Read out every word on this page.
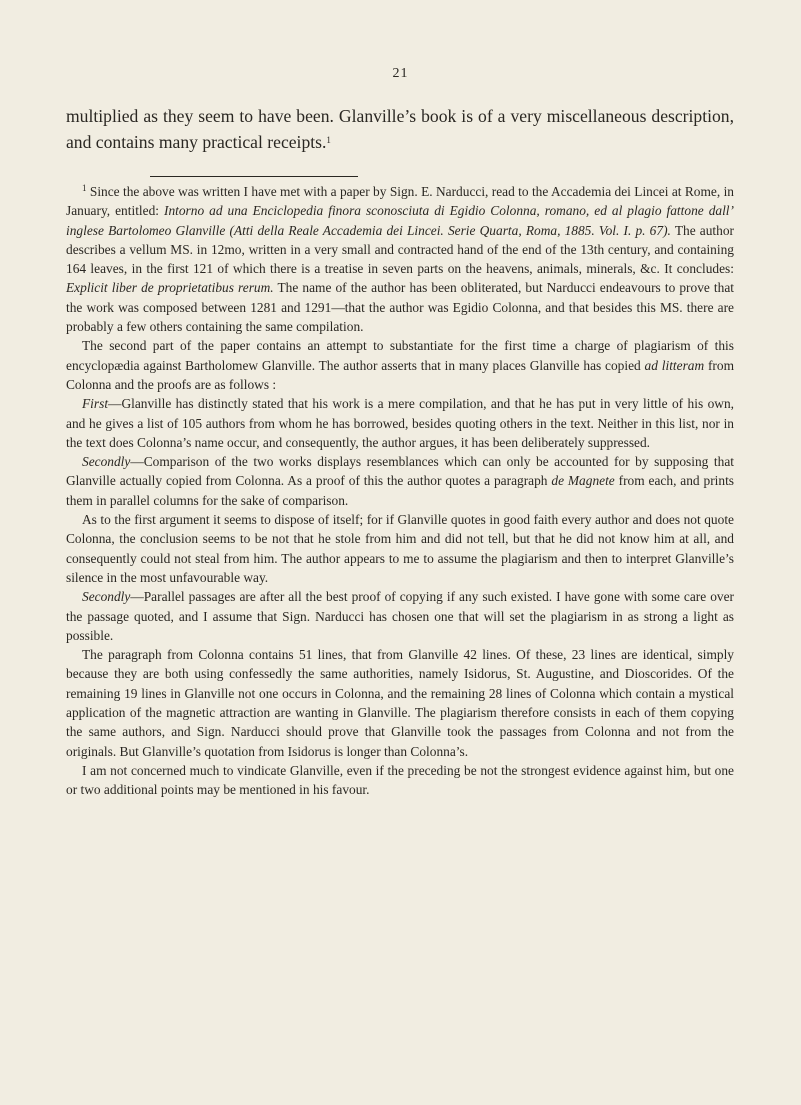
21

multiplied as they seem to have been. Glanville’s book is of a very miscellaneous description, and contains many practical receipts.$^1$

$^1$ Since the above was written I have met with a paper by Sign. E. Narducci, read to the Accademia dei Lincei at Rome, in January, entitled: Intorno ad una Enciclopedia finora sconosciuta di Egidio Colonna, romano, ed al plagio fattone dall’ inglese Bartolomeo Glanville (Atti della Reale Accademia dei Lincei. Serie Quarta, Roma, 1885. Vol. I. p. 67). The author describes a vellum MS. in 12mo, written in a very small and contracted hand of the end of the 13th century, and containing 164 leaves, in the first 121 of which there is a treatise in seven parts on the heavens, animals, minerals, &c. It concludes: Explicit liber de proprietatibus rerum. The name of the author has been obliterated, but Narducci endeavours to prove that the work was composed between 1281 and 1291—that the author was Egidio Colonna, and that besides this MS. there are probably a few others containing the same compilation.

The second part of the paper contains an attempt to substantiate for the first time a charge of plagiarism of this encyclopædia against Bartholomew Glanville. The author asserts that in many places Glanville has copied ad litteram from Colonna and the proofs are as follows :

First—Glanville has distinctly stated that his work is a mere compilation, and that he has put in very little of his own, and he gives a list of 105 authors from whom he has borrowed, besides quoting others in the text. Neither in this list, nor in the text does Colonna’s name occur, and consequently, the author argues, it has been deliberately suppressed.

Secondly—Comparison of the two works displays resemblances which can only be accounted for by supposing that Glanville actually copied from Colonna. As a proof of this the author quotes a paragraph de Magnete from each, and prints them in parallel columns for the sake of comparison.

As to the first argument it seems to dispose of itself; for if Glanville quotes in good faith every author and does not quote Colonna, the conclusion seems to be not that he stole from him and did not tell, but that he did not know him at all, and consequently could not steal from him. The author appears to me to assume the plagiarism and then to interpret Glanville’s silence in the most unfavourable way.

Secondly—Parallel passages are after all the best proof of copying if any such existed. I have gone with some care over the passage quoted, and I assume that Sign. Narducci has chosen one that will set the plagiarism in as strong a light as possible.

The paragraph from Colonna contains 51 lines, that from Glanville 42 lines. Of these, 23 lines are identical, simply because they are both using confessedly the same authorities, namely Isidorus, St. Augustine, and Dioscorides. Of the remaining 19 lines in Glanville not one occurs in Colonna, and the remaining 28 lines of Colonna which contain a mystical application of the magnetic attraction are wanting in Glanville. The plagiarism therefore consists in each of them copying the same authors, and Sign. Narducci should prove that Glanville took the passages from Colonna and not from the originals. But Glanville’s quotation from Isidorus is longer than Colonna’s.

I am not concerned much to vindicate Glanville, even if the preceding be not the strongest evidence against him, but one or two additional points may be mentioned in his favour.
